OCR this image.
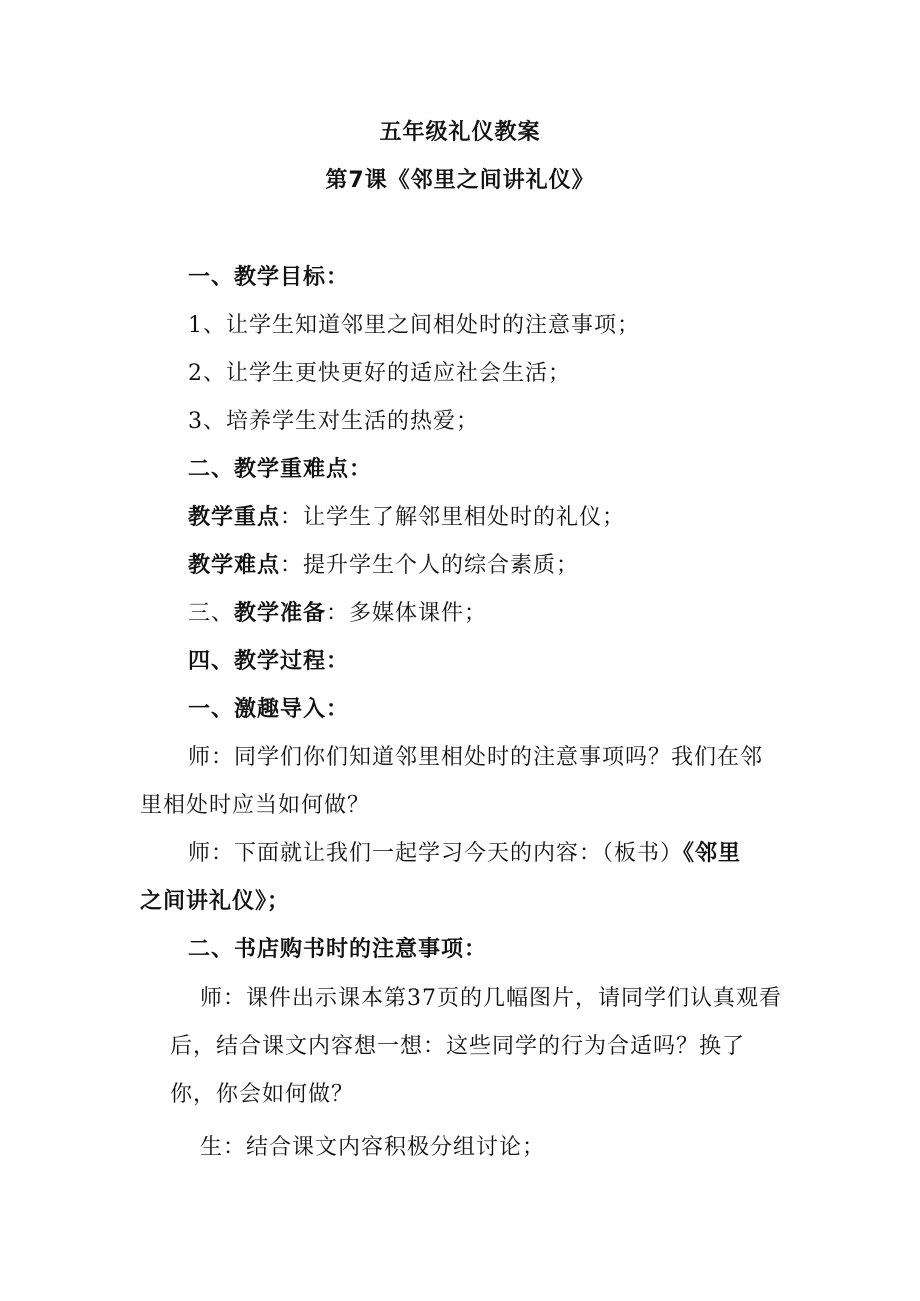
五年级礼仪教案
第7课《邻里之间讲礼仪》
一、教学目标：
1、让学生知道邻里之间相处时的注意事项；
2、让学生更快更好的适应社会生活；
3、培养学生对生活的热爱；
二、教学重难点：
教学重点：让学生了解邻里相处时的礼仪；
教学难点：提升学生个人的综合素质；
三、教学准备：多媒体课件；
四、教学过程：
一、激趣导入：
师：同学们你们知道邻里相处时的注意事项吗？我们在邻
里相处时应当如何做？
师：下面就让我们一起学习今天的内容：（板书）《邻里
之间讲礼仪》；
二、书店购书时的注意事项：
师：课件出示课本第37页的几幅图片，请同学们认真观看
后，结合课文内容想一想：这些同学的行为合适吗？换了
你，你会如何做？
生：结合课文内容积极分组讨论；
